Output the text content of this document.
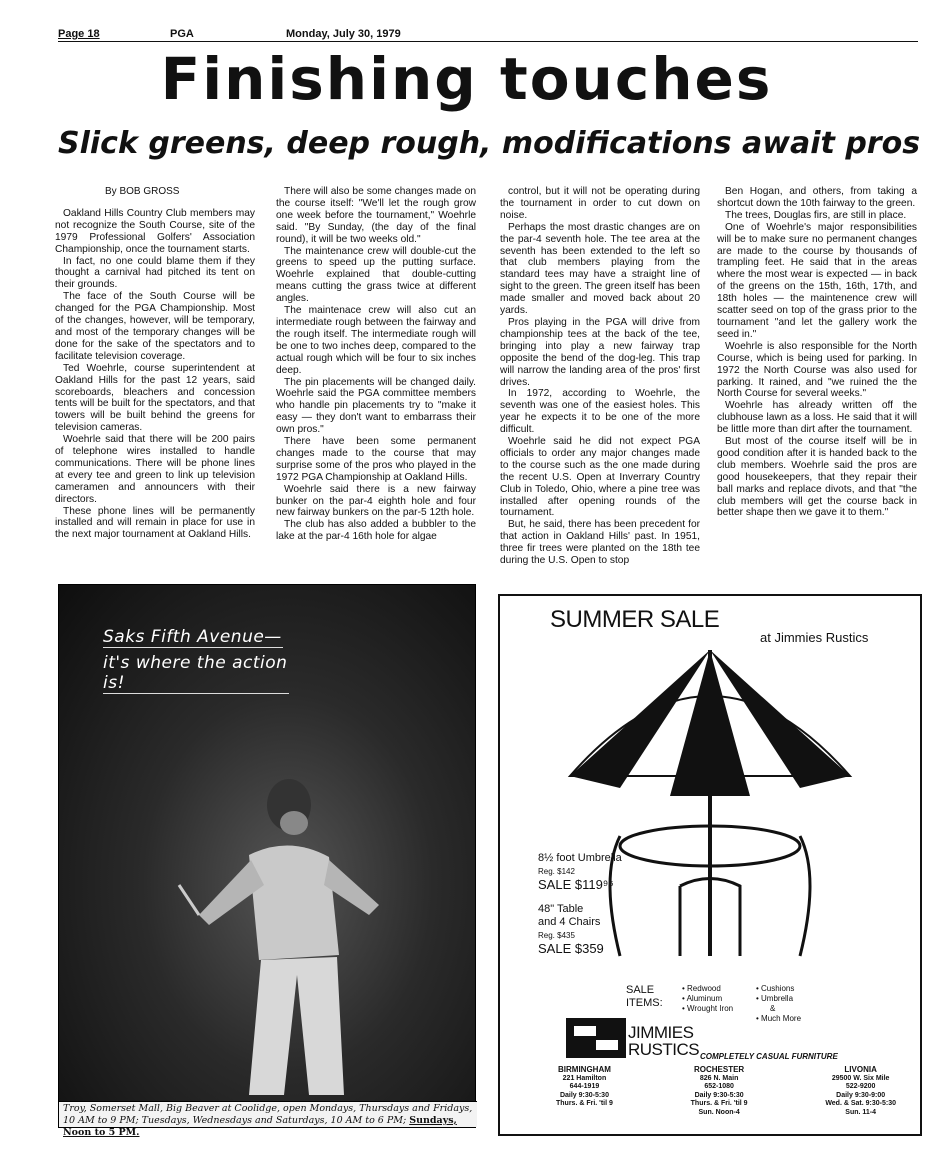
Page 18	PGA	Monday, July 30, 1979
Finishing touches
Slick greens, deep rough, modifications await pros

By BOB GROSS

Oakland Hills Country Club members may not recognize the South Course, site of the 1979 Professional Golfers' Association Championship, once the tournament starts.

In fact, no one could blame them if they thought a carnival had pitched its tent on their grounds.

The face of the South Course will be changed for the PGA Championship. Most of the changes, however, will be temporary, and most of the temporary changes will be done for the sake of the spectators and to facilitate television coverage.

Ted Woehrle, course superintendent at Oakland Hills for the past 12 years, said scoreboards, bleachers and concession tents will be built for the spectators, and that towers will be built behind the greens for television cameras.

Woehrle said that there will be 200 pairs of telephone wires installed to handle communications. There will be phone lines at every tee and green to link up television cameramen and announcers with their directors.

These phone lines will be permanently installed and will remain in place for use in the next major tournament at Oakland Hills.

There will also be some changes made on the course itself: "We'll let the rough grow one week before the tournament," Woehrle said. "By Sunday, (the day of the final round), it will be two weeks old."

The maintenance crew will double-cut the greens to speed up the putting surface. Woehrle explained that double-cutting means cutting the grass twice at different angles.

The maintenace crew will also cut an intermediate rough between the fairway and the rough itself. The intermediate rough will be one to two inches deep, compared to the actual rough which will be four to six inches deep.

The pin placements will be changed daily. Woehrle said the PGA committee members who handle pin placements try to "make it easy — they don't want to embarrass their own pros."

There have been some permanent changes made to the course that may surprise some of the pros who played in the 1972 PGA Championship at Oakland Hills.

Woehrle said there is a new fairway bunker on the par-4 eighth hole and four new fairway bunkers on the par-5 12th hole.

The club has also added a bubbler to the lake at the par-4 16th hole for algae

control, but it will not be operating during the tournament in order to cut down on noise.

Perhaps the most drastic changes are on the par-4 seventh hole. The tee area at the seventh has been extended to the left so that club members playing from the standard tees may have a straight line of sight to the green. The green itself has been made smaller and moved back about 20 yards.

Pros playing in the PGA will drive from championship tees at the back of the tee, bringing into play a new fairway trap opposite the bend of the dog-leg. This trap will narrow the landing area of the pros' first drives.

In 1972, according to Woehrle, the seventh was one of the easiest holes. This year he expects it to be one of the more difficult.

Woehrle said he did not expect PGA officials to order any major changes made to the course such as the one made during the recent U.S. Open at Inverrary Country Club in Toledo, Ohio, where a pine tree was installed after opening rounds of the tournament.

But, he said, there has been precedent for that action in Oakland Hills' past. In 1951, three fir trees were planted on the 18th tee during the U.S. Open to stop

Ben Hogan, and others, from taking a shortcut down the 10th fairway to the green.

The trees, Douglas firs, are still in place.

One of Woehrle's major responsibilities will be to make sure no permanent changes are made to the course by thousands of trampling feet. He said that in the areas where the most wear is expected — in back of the greens on the 15th, 16th, 17th, and 18th holes — the maintenence crew will scatter seed on top of the grass prior to the tournament "and let the gallery work the seed in."

Woehrle is also responsible for the North Course, which is being used for parking. In 1972 the North Course was also used for parking. It rained, and "we ruined the the North Course for several weeks."

Woehrle has already written off the clubhouse lawn as a loss. He said that it will be little more than dirt after the tournament.

But most of the course itself will be in good condition after it is handed back to the club members. Woehrle said the pros are good housekeepers, that they repair their ball marks and replace divots, and that "the club members will get the course back in better shape then we gave it to them."

Saks Fifth Avenue—
it's where the action is!
Troy, Somerset Mall, Big Beaver at Coolidge, open Mondays, Thursdays and Fridays, 10 AM to 9 PM; Tuesdays, Wednesdays and Saturdays, 10 AM to 6 PM; Sundays, Noon to 5 PM.
SUMMER SALE
at Jimmies Rustics
8½ foot Umbrella
Reg. $142
SALE $119⁹⁵
48" Table
and 4 Chairs
Reg. $435
SALE $359
SALE
ITEMS:
• Redwood
• Aluminum
• Wrought Iron
• Cushions
• Umbrella
&
• Much More
JIMMIES
RUSTICS COMPLETELY CASUAL FURNITURE
BIRMINGHAM
221 Hamilton
644-1919
Daily 9:30-5:30
Thurs. & Fri. 'til 9
ROCHESTER
826 N. Main
652-1080
Daily 9:30-5:30
Thurs. & Fri. 'til 9
Sun. Noon-4
LIVONIA
29500 W. Six Mile
522-9200
Daily 9:30-9:00
Wed. & Sat. 9:30-5:30
Sun. 11-4
